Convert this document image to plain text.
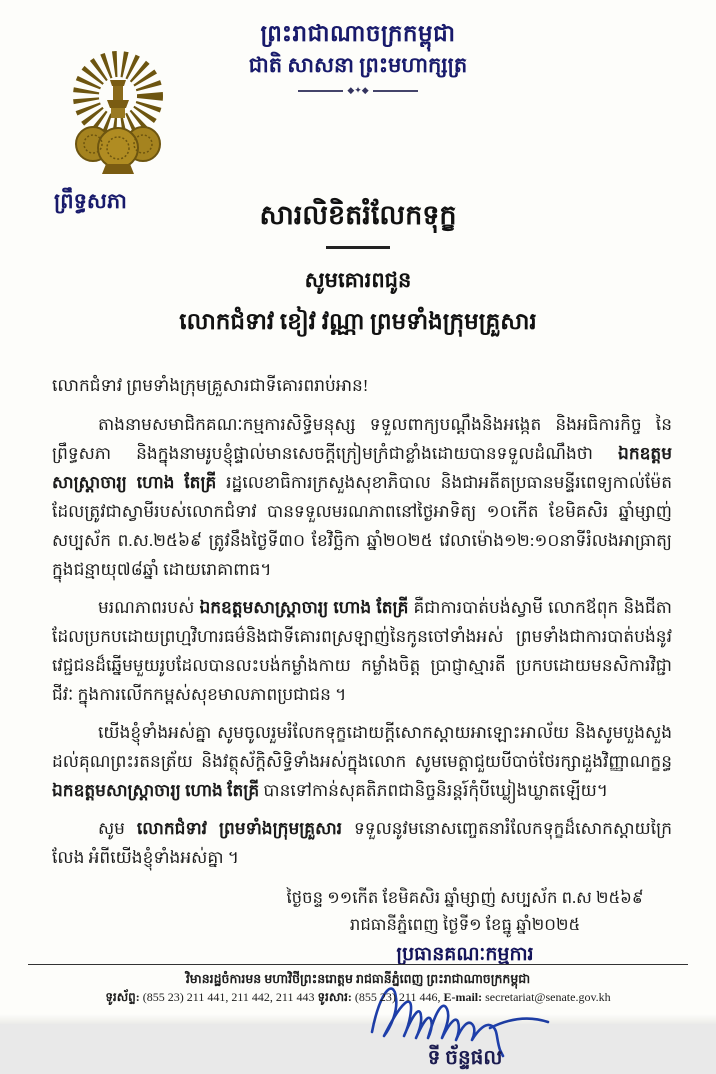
ព្រះរាជាណាចក្រកម្ពុជា
ជាតិ សាសនា ព្រះមហាក្សត្រ
◆✦◆
ព្រឹទ្ធសភា	សារលិខិតរំលែកទុក្ខ
សូមគោរពជូន
លោកជំទាវ ខៀវ វណ្ណា ព្រមទាំងក្រុមគ្រួសារ
លោកជំទាវ ព្រមទាំងក្រុមគ្រួសារជាទីគោរពរាប់អាន!
តាងនាមសមាជិកគណៈកម្មការសិទ្ធិមនុស្ស ទទួលពាក្យបណ្ដឹងនិងអង្កេត និងអធិការកិច្ច នៃព្រឹទ្ធសភា និងក្នុងនាមរូបខ្ញុំផ្ទាល់មានសេចក្ដីក្រៀមក្រំជាខ្លាំងដោយបានទទួលដំណឹងថា ឯកឧត្តម សាស្ត្រាចារ្យ ហោង តែគ្រី រដ្ឋលេខាធិការក្រសួងសុខាភិបាល និងជាអតីតប្រធានមន្ទីរពេទ្យកាល់ម៉ែត ដែលត្រូវជាស្វាមីរបស់លោកជំទាវ បានទទួលមរណភាពនៅថ្ងៃអាទិត្យ ១០កើត ខែមិគសិរ ឆ្នាំម្សាញ់ សប្បស័ក ព.ស.២៥៦៩ ត្រូវនឹងថ្ងៃទី៣០ ខែវិច្ឆិកា ឆ្នាំ២០២៥ វេលាម៉ោង១២:១០នាទីរំលងអាធ្រាត្យ ក្នុងជន្មាយុ៧៨ឆ្នាំ ដោយរោគាពាធ។
មរណភាពរបស់ ឯកឧត្តមសាស្ត្រាចារ្យ ហោង តែគ្រី គឺជាការបាត់បង់ស្វាមី លោកឪពុក និងជីតា ដែលប្រកបដោយព្រហ្មវិហារធម៌និងជាទីគោរពស្រឡាញ់នៃកូនចៅទាំងអស់ ព្រមទាំងជាការបាត់បង់នូវវេជ្ជជនដ៏ឆ្នើមមួយរូបដែលបានលះបង់កម្លាំងកាយ កម្លាំងចិត្ត ប្រាជ្ញាស្មារតី ប្រកបដោយមនសិការវិជ្ជាជីវៈ ក្នុងការលើកកម្ពស់សុខមាលភាពប្រជាជន ។
យើងខ្ញុំទាំងអស់គ្នា សូមចូលរួមរំលែកទុក្ខដោយក្ដីសោកស្ដាយអាឡោះអាល័យ និងសូមបួងសួងដល់គុណព្រះរតនត្រ័យ និងវត្ថុស័ក្ដិសិទ្ធិទាំងអស់ក្នុងលោក សូមមេត្តាជួយបីបាច់ថែរក្សាដួងវិញ្ញាណក្ខន្ធ ឯកឧត្តមសាស្ត្រាចារ្យ ហោង តែគ្រី បានទៅកាន់សុគតិភពជានិច្ចនិរន្តរ៍កុំបីឃ្លៀងឃ្លាតឡើយ។
សូម លោកជំទាវ ព្រមទាំងក្រុមគ្រួសារ ទទួលនូវមនោសញ្ចេតនារំលែកទុក្ខដ៏សោកស្ដាយក្រៃលែង អំពីយើងខ្ញុំទាំងអស់គ្នា ។
ថ្ងៃចន្ទ ១១កើត ខែមិគសិរ ឆ្នាំម្សាញ់ សប្បស័ក ព.ស ២៥៦៩
រាជធានីភ្នំពេញ ថ្ងៃទី១ ខែធ្នូ ឆ្នាំ២០២៥
ប្រធានគណៈកម្មការ
ទី ច័ន្ទផល
វិមានរដ្ឋចំការមន មហាវិថីព្រះនរោត្តម រាជធានីភ្នំពេញ ព្រះរាជាណាចក្រកម្ពុជា
ទូរស័ព្ទ: (855 23) 211 441, 211 442, 211 443 ទូរសារ: (855 23) 211 446, E-mail: secretariat@senate.gov.kh
